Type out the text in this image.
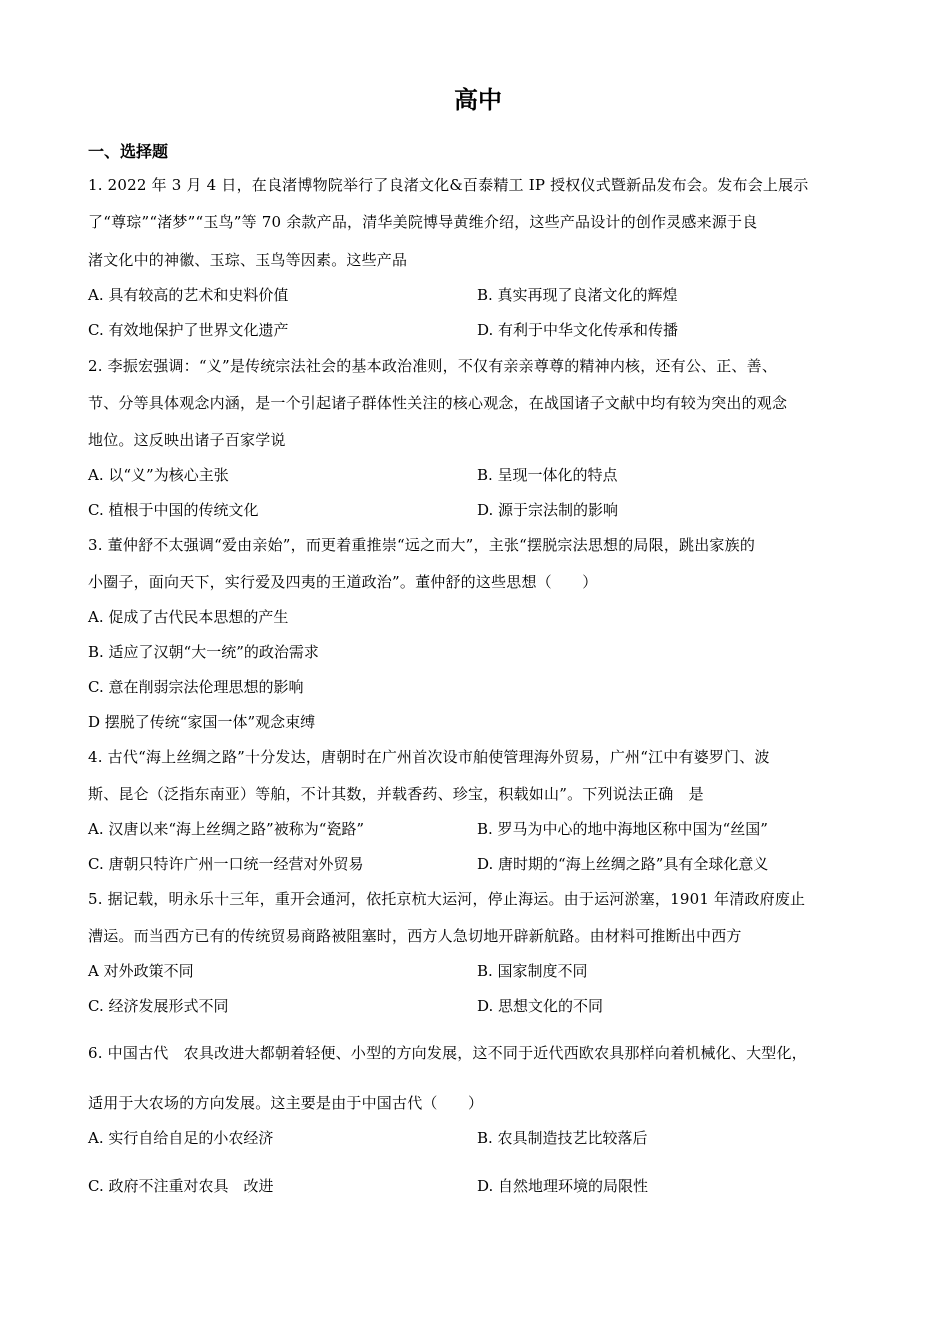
高中
一、选择题
1. 2022 年 3 月 4 日，在良渚博物院举行了良渚文化&百泰精工 IP 授权仪式暨新品发布会。发布会上展示
了“尊琮”“渚梦”“玉鸟”等 70 余款产品，清华美院博导黄维介绍，这些产品设计的创作灵感来源于良
渚文化中的神徽、玉琮、玉鸟等因素。这些产品
A. 具有较高的艺术和史料价值	B. 真实再现了良渚文化的辉煌
C. 有效地保护了世界文化遗产	D. 有利于中华文化传承和传播
2. 李振宏强调：“义”是传统宗法社会的基本政治准则，不仅有亲亲尊尊的精神内核，还有公、正、善、
节、分等具体观念内涵，是一个引起诸子群体性关注的核心观念，在战国诸子文献中均有较为突出的观念
地位。这反映出诸子百家学说
A. 以“义”为核心主张	B. 呈现一体化的特点
C. 植根于中国的传统文化	D. 源于宗法制的影响
3. 董仲舒不太强调“爱由亲始”，而更着重推崇“远之而大”，主张“摆脱宗法思想的局限，跳出家族的
小圈子，面向天下，实行爱及四夷的王道政治”。董仲舒的这些思想（　　）
A. 促成了古代民本思想的产生
B. 适应了汉朝“大一统”的政治需求
C. 意在削弱宗法伦理思想的影响
D 摆脱了传统“家国一体”观念束缚
4. 古代“海上丝绸之路”十分发达，唐朝时在广州首次设市舶使管理海外贸易，广州“江中有婆罗门、波
斯、昆仑（泛指东南亚）等舶，不计其数，并载香药、珍宝，积载如山”。下列说法正确　是
A. 汉唐以来“海上丝绸之路”被称为“瓷路”	B. 罗马为中心的地中海地区称中国为“丝国”
C. 唐朝只特许广州一口统一经营对外贸易	D. 唐时期的“海上丝绸之路”具有全球化意义
5. 据记载，明永乐十三年，重开会通河，依托京杭大运河，停止海运。由于运河淤塞，1901 年清政府废止
漕运。而当西方已有的传统贸易商路被阻塞时，西方人急切地开辟新航路。由材料可推断出中西方
A 对外政策不同	B. 国家制度不同
C. 经济发展形式不同	D. 思想文化的不同
6. 中国古代　农具改进大都朝着轻便、小型的方向发展，这不同于近代西欧农具那样向着机械化、大型化，
适用于大农场的方向发展。这主要是由于中国古代（　　）
A. 实行自给自足的小农经济	B. 农具制造技艺比较落后
C. 政府不注重对农具　改进	D. 自然地理环境的局限性
